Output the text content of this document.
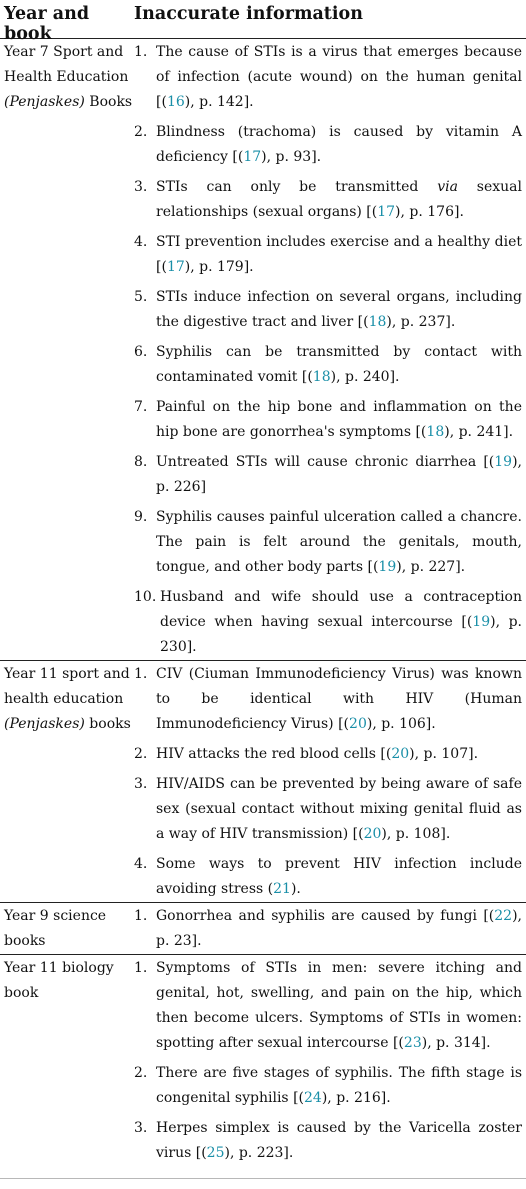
Year and book
Inaccurate information
Year 7 Sport and Health Education (Penjaskes) Books
1. The cause of STIs is a virus that emerges because of infection (acute wound) on the human genital [(16), p. 142].
2. Blindness (trachoma) is caused by vitamin A deficiency [(17), p. 93].
3. STIs can only be transmitted via sexual relationships (sexual organs) [(17), p. 176].
4. STI prevention includes exercise and a healthy diet [(17), p. 179].
5. STIs induce infection on several organs, including the digestive tract and liver [(18), p. 237].
6. Syphilis can be transmitted by contact with contaminated vomit [(18), p. 240].
7. Painful on the hip bone and inflammation on the hip bone are gonorrhea's symptoms [(18), p. 241].
8. Untreated STIs will cause chronic diarrhea [(19), p. 226]
9. Syphilis causes painful ulceration called a chancre. The pain is felt around the genitals, mouth, tongue, and other body parts [(19), p. 227].
10. Husband and wife should use a contraception device when having sexual intercourse [(19), p. 230].
Year 11 sport and health education (Penjaskes) books
1. CIV (Ciuman Immunodeficiency Virus) was known to be identical with HIV (Human Immunodeficiency Virus) [(20), p. 106].
2. HIV attacks the red blood cells [(20), p. 107].
3. HIV/AIDS can be prevented by being aware of safe sex (sexual contact without mixing genital fluid as a way of HIV transmission) [(20), p. 108].
4. Some ways to prevent HIV infection include avoiding stress (21).
Year 9 science books
1. Gonorrhea and syphilis are caused by fungi [(22), p. 23].
Year 11 biology book
1. Symptoms of STIs in men: severe itching and genital, hot, swelling, and pain on the hip, which then become ulcers. Symptoms of STIs in women: spotting after sexual intercourse [(23), p. 314].
2. There are five stages of syphilis. The fifth stage is congenital syphilis [(24), p. 216].
3. Herpes simplex is caused by the Varicella zoster virus [(25), p. 223].
